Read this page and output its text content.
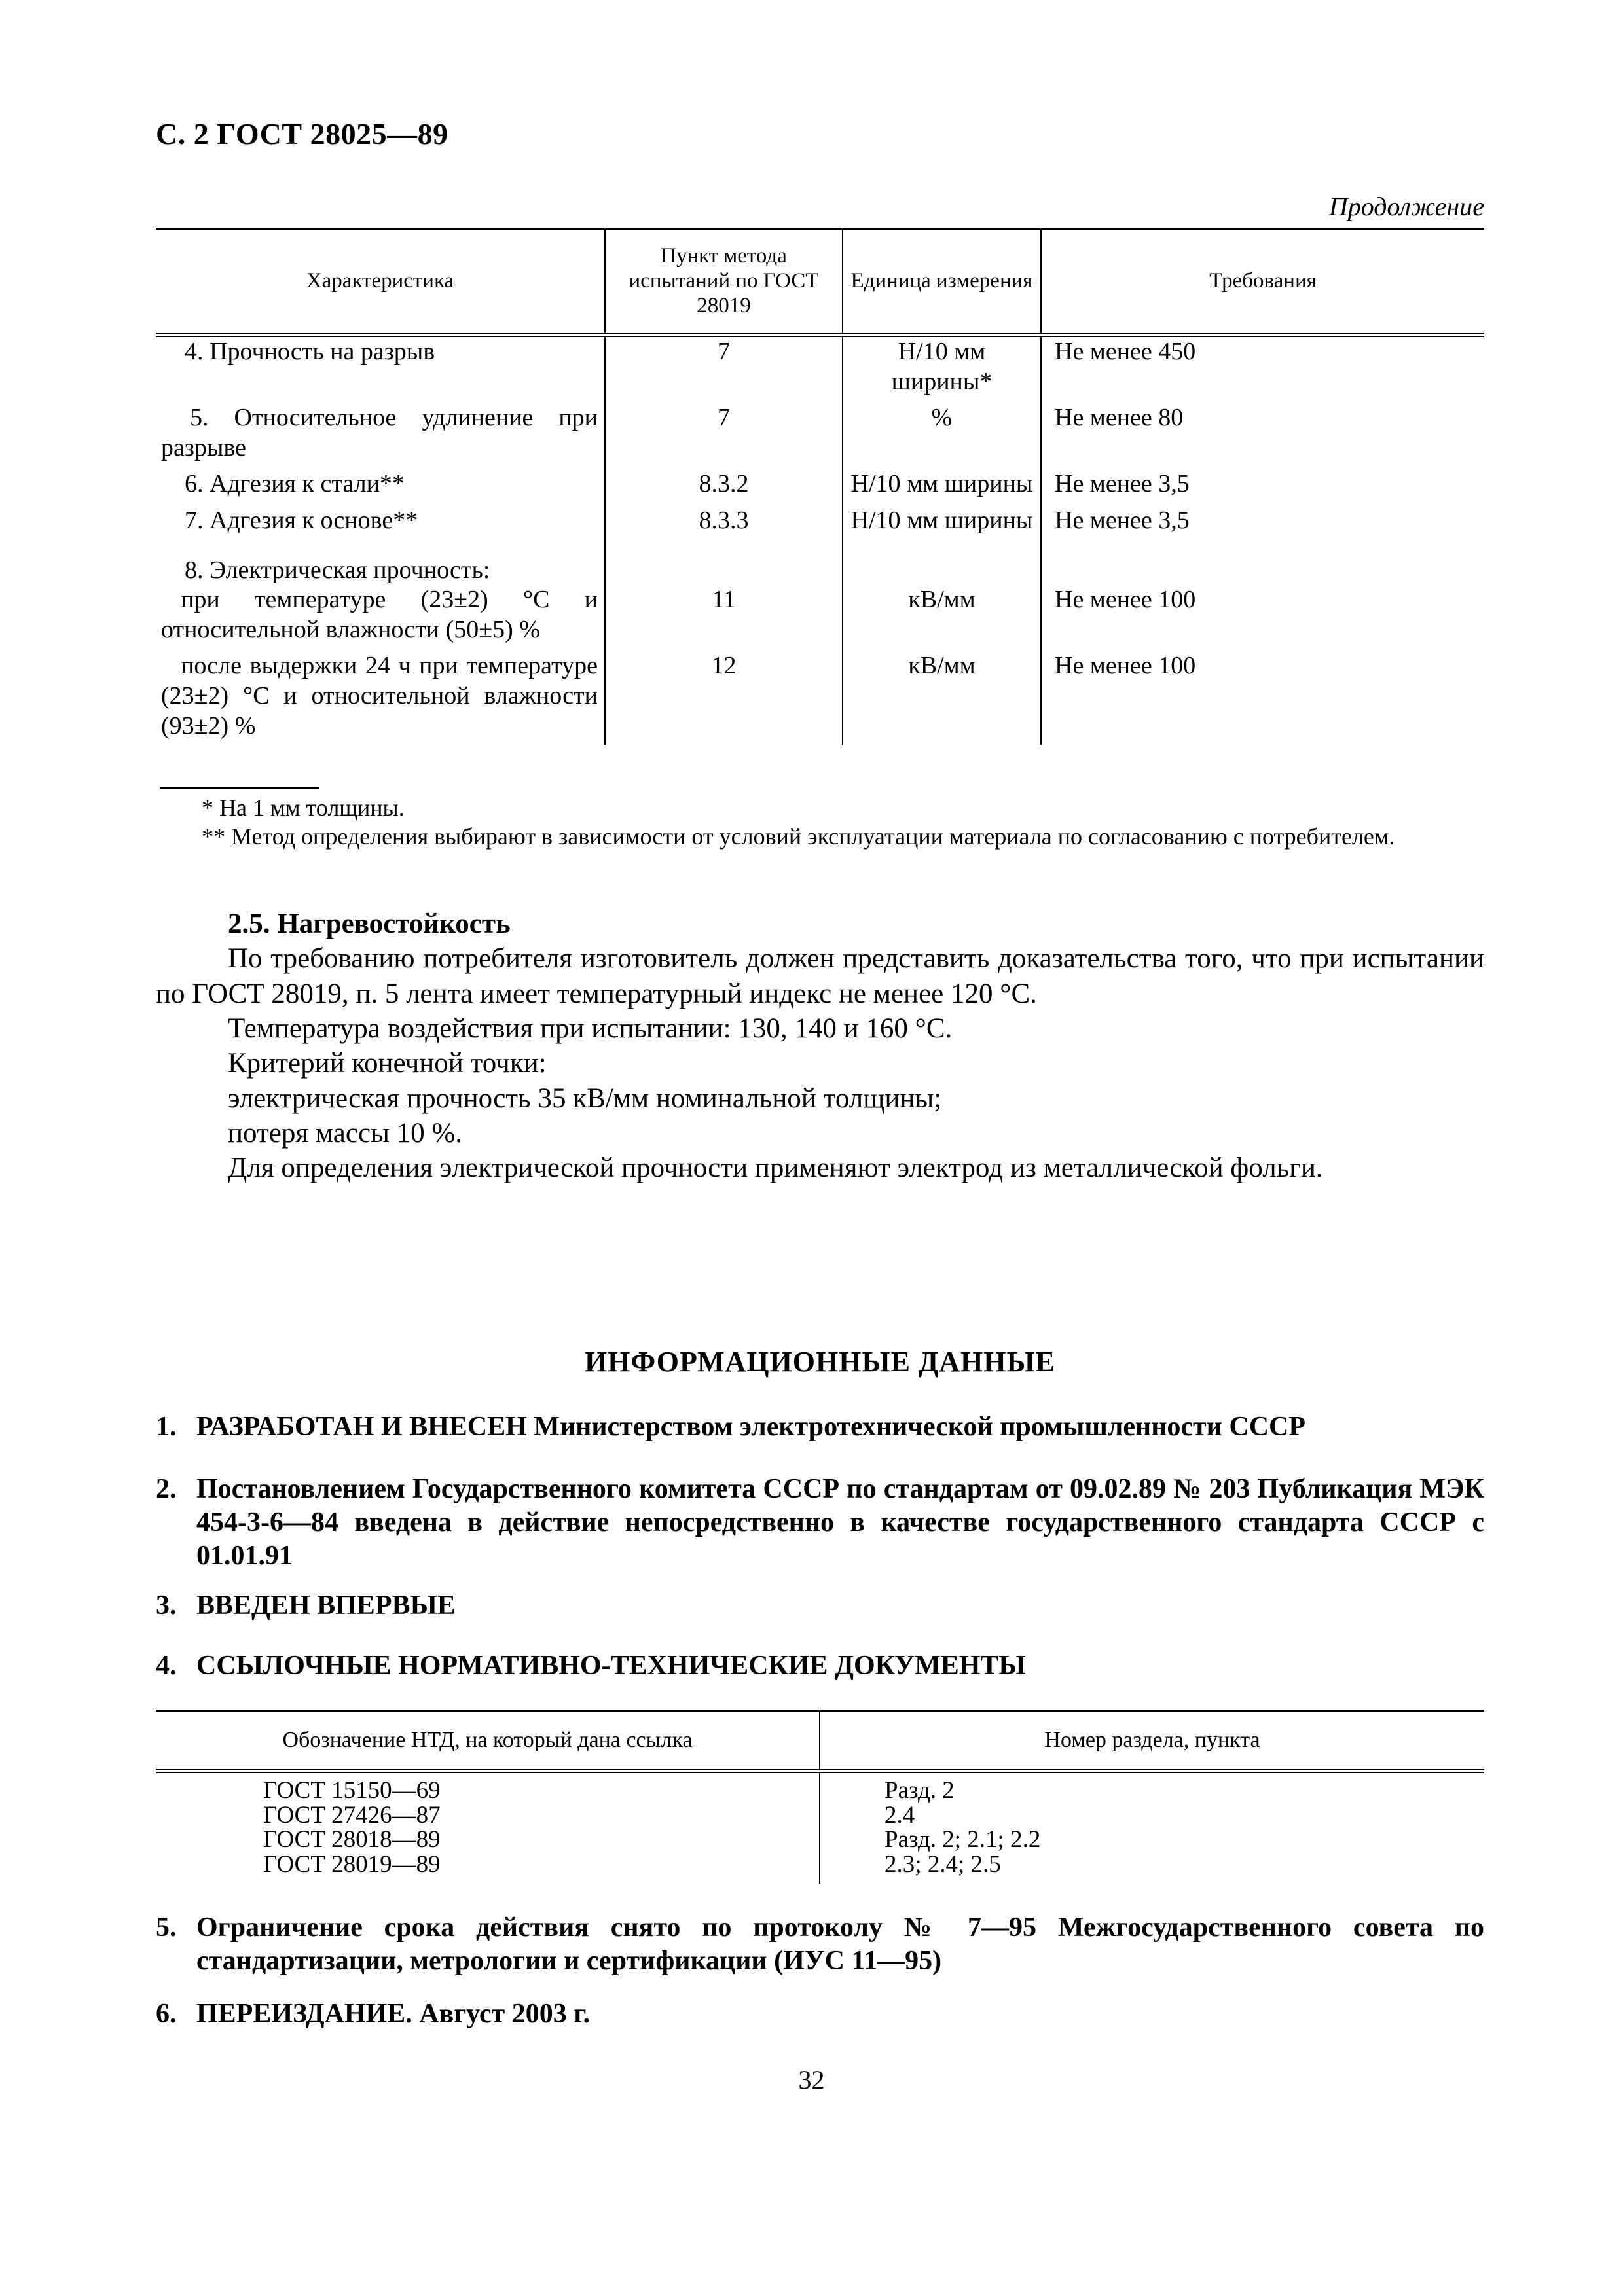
С. 2 ГОСТ 28025—89
Продолжение
Характеристика	Пункт метода испытаний по ГОСТ 28019	Единица измерения	Требования
4. Прочность на разрыв	7	Н/10 мм ширины*	Не менее 450
5. Относительное удлинение при разрыве	7	%	Не менее 80
6. Адгезия к стали**	8.3.2	Н/10 мм ширины	Не менее 3,5
7. Адгезия к основе**	8.3.3	Н/10 мм ширины	Не менее 3,5
8. Электрическая прочность:			
при температуре (23±2) °С и относительной влажности (50±5) %	11	кВ/мм	Не менее 100
после выдержки 24 ч при температуре (23±2) °С и относительной влажности (93±2) %	12	кВ/мм	Не менее 100

* На 1 мм толщины.

** Метод определения выбирают в зависимости от условий эксплуатации материала по согласованию с потребителем.

2.5. Нагревостойкость

По требованию потребителя изготовитель должен представить доказательства того, что при испытании по ГОСТ 28019, п. 5 лента имеет температурный индекс не менее 120 °С.

Температура воздействия при испытании: 130, 140 и 160 °С.

Критерий конечной точки:

электрическая прочность 35 кВ/мм номинальной толщины;

потеря массы 10 %.

Для определения электрической прочности применяют электрод из металлической фольги.

ИНФОРМАЦИОННЫЕ ДАННЫЕ
1. РАЗРАБОТАН И ВНЕСЕН Министерством электротехнической промышленности СССР
2. Постановлением Государственного комитета СССР по стандартам от 09.02.89 № 203 Публикация МЭК 454-3-6—84 введена в действие непосредственно в качестве государственного стандарта СССР с 01.01.91
3. ВВЕДЕН ВПЕРВЫЕ
4. ССЫЛОЧНЫЕ НОРМАТИВНО-ТЕХНИЧЕСКИЕ ДОКУМЕНТЫ
Обозначение НТД, на который дана ссылка	Номер раздела, пункта
ГОСТ 15150—69	Разд. 2
ГОСТ 27426—87	2.4
ГОСТ 28018—89	Разд. 2; 2.1; 2.2
ГОСТ 28019—89	2.3; 2.4; 2.5
5. Ограничение срока действия снято по протоколу № 7—95 Межгосударственного совета по стандартизации, метрологии и сертификации (ИУС 11—95)
6. ПЕРЕИЗДАНИЕ. Август 2003 г.
32
